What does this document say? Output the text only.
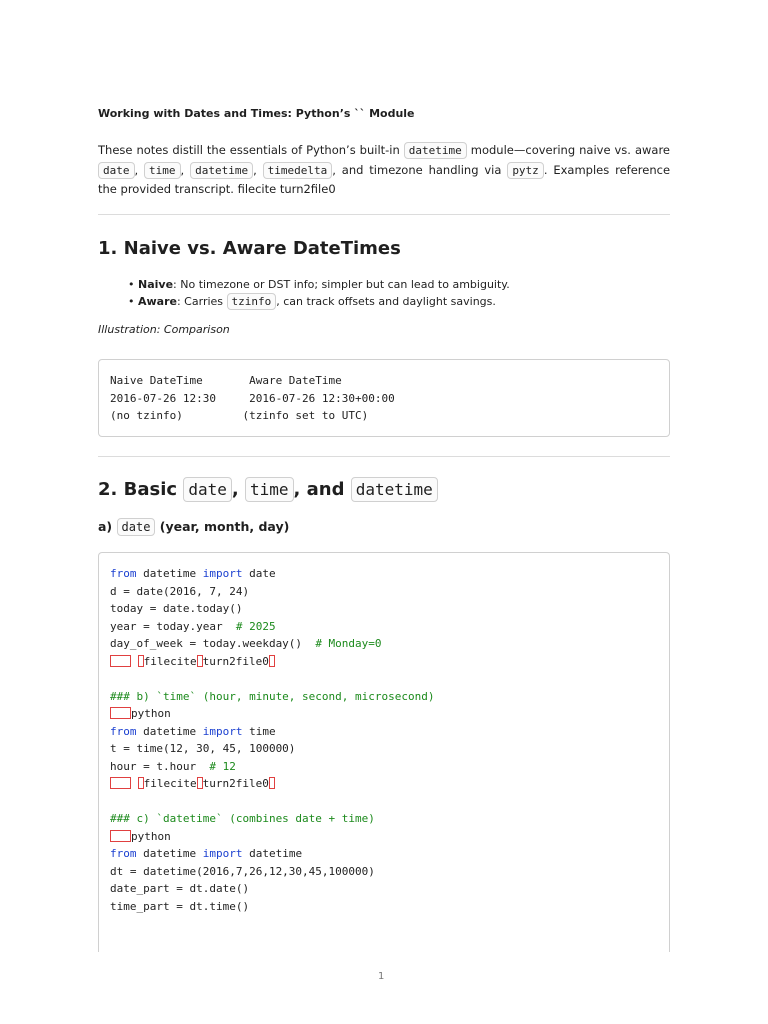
Working with Dates and Times: Python’s `` Module

These notes distill the essentials of Python’s built-in datetime module—covering naive vs. aware date , time , datetime , timedelta , and timezone handling via pytz . Examples reference the provided transcript. filecite turn2file0

1. Naive vs. Aware DateTimes
• Naive: No timezone or DST info; simpler but can lead to ambiguity.
• Aware: Carries tzinfo , can track offsets and daylight savings.

Illustration: Comparison

Naive DateTime       Aware DateTime
2016-07-26 12:30     2016-07-26 12:30+00:00
(no tzinfo)         (tzinfo set to UTC)
2. Basic date , time , and datetime

a) date (year, month, day)

from datetime import date
d = date(2016, 7, 24)
today = date.today()
year = today.year  # 2025
day_of_week = today.weekday()  # Monday=0
filecite turn2file0
### b) `time` (hour, minute, second, microsecond)
python
from datetime import time
t = time(12, 30, 45, 100000)
hour = t.hour  # 12
filecite turn2file0
### c) `datetime` (combines date + time)
python
from datetime import datetime
dt = datetime(2016,7,26,12,30,45,100000)
date_part = dt.date()
time_part = dt.time()
1
